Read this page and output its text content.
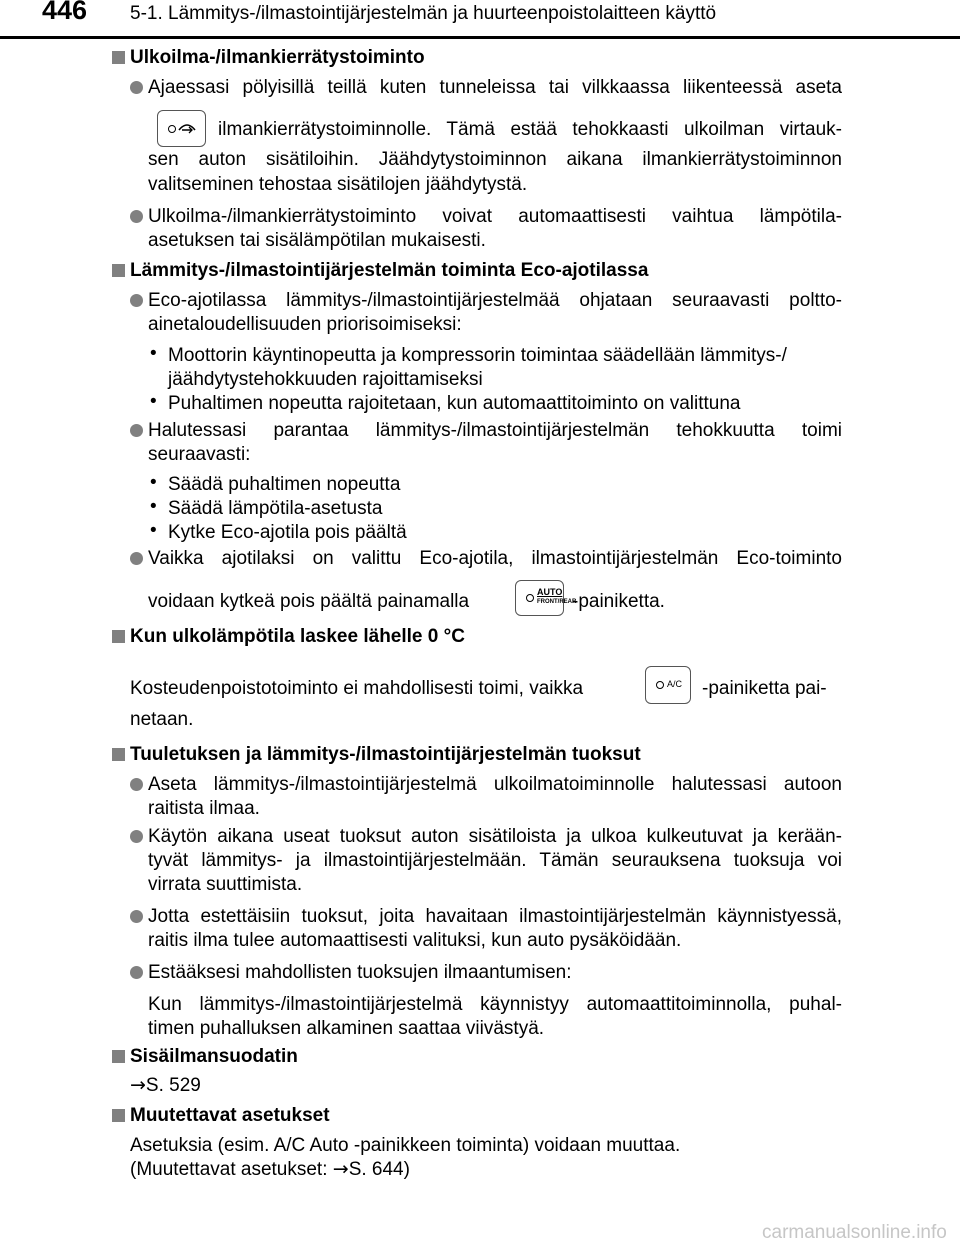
446 5-1. Lämmitys-/ilmastointijärjestelmän ja huurteenpoistolaitteen käyttö

Ulkoilma-/ilmankierrätystoiminto

Ajaessasi pölyisillä teillä kuten tunneleissa tai vilkkaassa liikenteessä aseta

ilmankierrätystoiminnolle. Tämä estää tehokkaasti ulkoilman virtauk-

sen auton sisätiloihin. Jäähdytystoiminnon aikana ilmankierrätystoiminnon

valitseminen tehostaa sisätilojen jäähdytystä.

Ulkoilma-/ilmankierrätystoiminto voivat automaattisesti vaihtua lämpötila-

asetuksen tai sisälämpötilan mukaisesti.

Lämmitys-/ilmastointijärjestelmän toiminta Eco-ajotilassa

Eco-ajotilassa lämmitys-/ilmastointijärjestelmää ohjataan seuraavasti poltto-

ainetaloudellisuuden priorisoimiseksi:

• Moottorin käyntinopeutta ja kompressorin toimintaa säädellään lämmitys-/

jäähdytystehokkuuden rajoittamiseksi

• Puhaltimen nopeutta rajoitetaan, kun automaattitoiminto on valittuna

Halutessasi parantaa lämmitys-/ilmastointijärjestelmän tehokkuutta toimi

seuraavasti:

• Säädä puhaltimen nopeutta

• Säädä lämpötila-asetusta

• Kytke Eco-ajotila pois päältä

Vaikka ajotilaksi on valittu Eco-ajotila, ilmastointijärjestelmän Eco-toiminto

voidaan kytkeä pois päältä painamalla	AUTO
FRONT/REAR

-painiketta.

Kun ulkolämpötila laskee lähelle 0 °C

Kosteudenpoistotoiminto ei mahdollisesti toimi, vaikka	A/C -painiketta pai-

netaan.

Tuuletuksen ja lämmitys-/ilmastointijärjestelmän tuoksut

Aseta lämmitys-/ilmastointijärjestelmä ulkoilmatoiminnolle halutessasi autoon

raitista ilmaa.

Käytön aikana useat tuoksut auton sisätiloista ja ulkoa kulkeutuvat ja kerään-

tyvät lämmitys- ja ilmastointijärjestelmään. Tämän seurauksena tuoksuja voi

virrata suuttimista.

Jotta estettäisiin tuoksut, joita havaitaan ilmastointijärjestelmän käynnistyessä,

raitis ilma tulee automaattisesti valituksi, kun auto pysäköidään.

Estääksesi mahdollisten tuoksujen ilmaantumisen:

Kun lämmitys-/ilmastointijärjestelmä käynnistyy automaattitoiminnolla, puhal-

timen puhalluksen alkaminen saattaa viivästyä.

Sisäilmansuodatin

→S. 529

Muutettavat asetukset

Asetuksia (esim. A/C Auto -painikkeen toiminta) voidaan muuttaa.

(Muutettavat asetukset: →S. 644)

carmanualsonline.info
